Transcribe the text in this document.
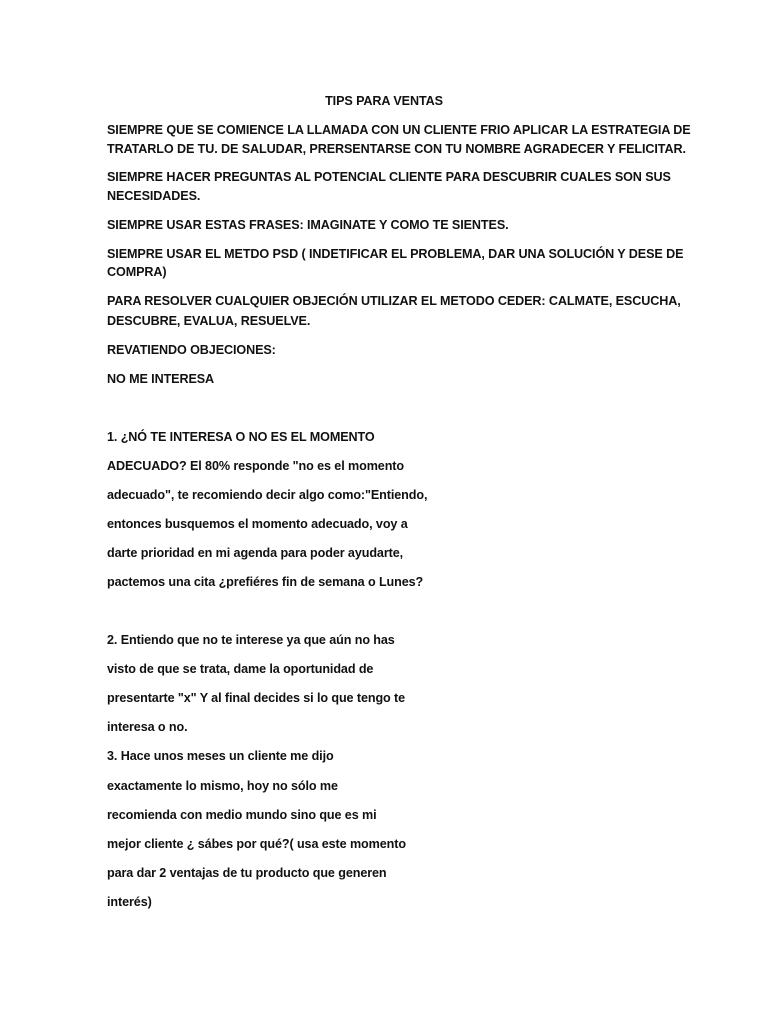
TIPS PARA VENTAS
SIEMPRE QUE SE COMIENCE LA LLAMADA CON UN CLIENTE FRIO APLICAR LA ESTRATEGIA DE
TRATARLO DE TU. DE SALUDAR, PRERSENTARSE CON TU NOMBRE AGRADECER Y FELICITAR.
SIEMPRE HACER PREGUNTAS AL POTENCIAL CLIENTE PARA DESCUBRIR CUALES SON SUS
NECESIDADES.
SIEMPRE USAR ESTAS FRASES: IMAGINATE Y COMO TE SIENTES.
SIEMPRE USAR EL METDO PSD ( INDETIFICAR EL PROBLEMA, DAR UNA SOLUCIÓN Y DESE DE
COMPRA)
PARA RESOLVER CUALQUIER OBJECIÓN UTILIZAR EL METODO CEDER: CALMATE, ESCUCHA,
DESCUBRE, EVALUA, RESUELVE.
REVATIENDO OBJECIONES:
NO ME INTERESA
1. ¿NÓ TE INTERESA O NO ES EL MOMENTO
ADECUADO? El 80% responde "no es el momento
adecuado", te recomiendo decir algo como:"Entiendo,
entonces busquemos el momento adecuado, voy a
darte prioridad en mi agenda para poder ayudarte,
pactemos una cita ¿prefiéres fin de semana o Lunes?
2. Entiendo que no te interese ya que aún no has
visto de que se trata, dame la oportunidad de
presentarte "x" Y al final decides si lo que tengo te
interesa o no.
3. Hace unos meses un cliente me dijo
exactamente lo mismo, hoy no sólo me
recomienda con medio mundo sino que es mi
mejor cliente ¿ sábes por qué?( usa este momento
para dar 2 ventajas de tu producto que generen
interés)
